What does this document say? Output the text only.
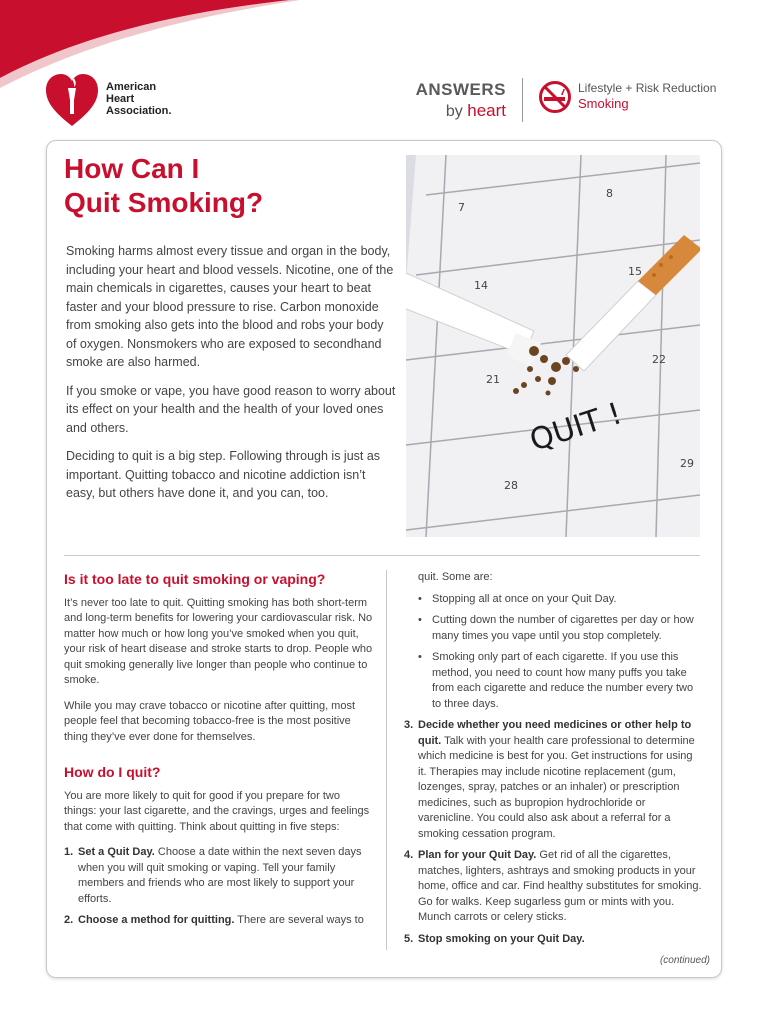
American
Heart
Association.
ANSWERS
by heart
Lifestyle + Risk Reduction
Smoking
How Can I
Quit Smoking?

Smoking harms almost every tissue and organ in the body, including your heart and blood vessels. Nicotine, one of the main chemicals in cigarettes, causes your heart to beat faster and your blood pressure to rise. Carbon monoxide from smoking also gets into the blood and robs your body of oxygen. Nonsmokers who are exposed to secondhand smoke are also harmed.

If you smoke or vape, you have good reason to worry about its effect on your health and the health of your loved ones and others.

Deciding to quit is a big step. Following through is just as important. Quitting tobacco and nicotine addiction isn’t easy, but others have done it, and you can, too.

7
8
14
15
21
22
28
29
QUIT !
Is it too late to quit smoking or vaping?

It’s never too late to quit. Quitting smoking has both short-term and long-term benefits for lowering your cardiovascular risk. No matter how much or how long you’ve smoked when you quit, your risk of heart disease and stroke starts to drop. People who quit smoking generally live longer than people who continue to smoke.

While you may crave tobacco or nicotine after quitting, most people feel that becoming tobacco-free is the most positive thing they’ve ever done for themselves.

How do I quit?

You are more likely to quit for good if you prepare for two things: your last cigarette, and the cravings, urges and feelings that come with quitting. Think about quitting in five steps:

1. Set a Quit Day. Choose a date within the next seven days when you will quit smoking or vaping. Tell your family members and friends who are most likely to support your efforts.
2. Choose a method for quitting. There are several ways to

quit. Some are:

• Stopping all at once on your Quit Day.
• Cutting down the number of cigarettes per day or how many times you vape until you stop completely.
• Smoking only part of each cigarette. If you use this method, you need to count how many puffs you take from each cigarette and reduce the number every two to three days.
3. Decide whether you need medicines or other help to quit. Talk with your health care professional to determine which medicine is best for you. Get instructions for using it. Therapies may include nicotine replacement (gum, lozenges, spray, patches or an inhaler) or prescription medicines, such as bupropion hydrochloride or varenicline. You could also ask about a referral for a smoking cessation program.
4. Plan for your Quit Day. Get rid of all the cigarettes, matches, lighters, ashtrays and smoking products in your home, office and car. Find healthy substitutes for smoking. Go for walks. Keep sugarless gum or mints with you. Munch carrots or celery sticks.
5. Stop smoking on your Quit Day.
(continued)
